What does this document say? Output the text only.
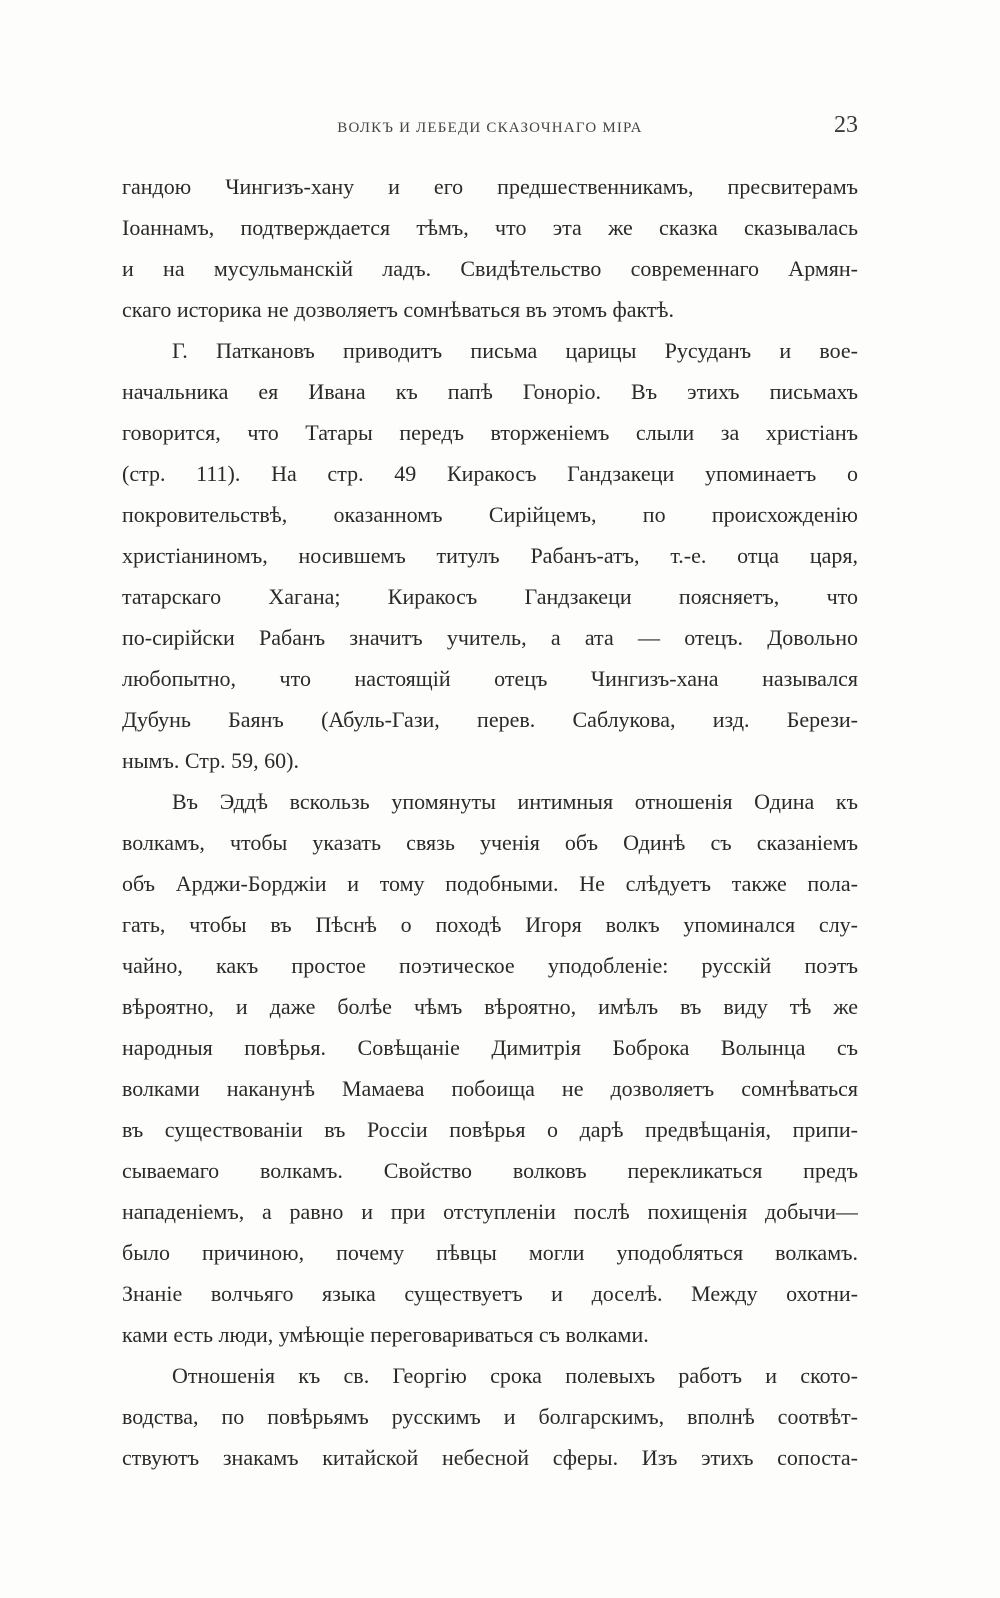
ВОЛКЪ И ЛЕБЕДИ СКАЗОЧНАГО МІРА	23
гандою Чингизъ-хану и его предшественникамъ, пресвитерамъ
Іоаннамъ, подтверждается тѣмъ, что эта же сказка сказывалась
и на мусульманскій ладъ. Свидѣтельство современнаго Армян-
скаго историка не дозволяетъ сомнѣваться въ этомъ фактѣ.
Г. Паткановъ приводитъ письма царицы Русуданъ и вое-
начальника ея Ивана къ папѣ Гоноріо. Въ этихъ письмахъ
говорится, что Татары передъ вторженіемъ слыли за христіанъ
(стр. 111). На стр. 49 Киракосъ Гандзакеци упоминаетъ о
покровительствѣ, оказанномъ Сирійцемъ, по происхожденію
христіаниномъ, носившемъ титулъ Рабанъ-атъ, т.-е. отца царя,
татарскаго Хагана; Киракосъ Гандзакеци поясняетъ, что
по-сирійски Рабанъ значитъ учитель, а ата — отецъ. Довольно
любопытно, что настоящій отецъ Чингизъ-хана назывался
Дубунь Баянъ (Абуль-Гази, перев. Саблукова, изд. Берези-
нымъ. Стр. 59, 60).
Въ Эддѣ вскользь упомянуты интимныя отношенія Одина къ
волкамъ, чтобы указать связь ученія объ Одинѣ съ сказаніемъ
объ Арджи-Борджіи и тому подобными. Не слѣдуетъ также пола-
гать, чтобы въ Пѣснѣ о походѣ Игоря волкъ упоминался слу-
чайно, какъ простое поэтическое уподобленіе: русскій поэтъ
вѣроятно, и даже болѣе чѣмъ вѣроятно, имѣлъ въ виду тѣ же
народныя повѣрья. Совѣщаніе Димитрія Боброка Волынца съ
волками наканунѣ Мамаева побоища не дозволяетъ сомнѣваться
въ существованіи въ Россіи повѣрья о дарѣ предвѣщанія, припи-
сываемаго волкамъ. Свойство волковъ перекликаться предъ
нападеніемъ, а равно и при отступленіи послѣ похищенія добычи—
было причиною, почему пѣвцы могли уподобляться волкамъ.
Знаніе волчьяго языка существуетъ и доселѣ. Между охотни-
ками есть люди, умѣющіе переговариваться съ волками.
Отношенія къ св. Георгію срока полевыхъ работъ и ското-
водства, по повѣрьямъ русскимъ и болгарскимъ, вполнѣ соотвѣт-
ствуютъ знакамъ китайской небесной сферы. Изъ этихъ сопоста-
